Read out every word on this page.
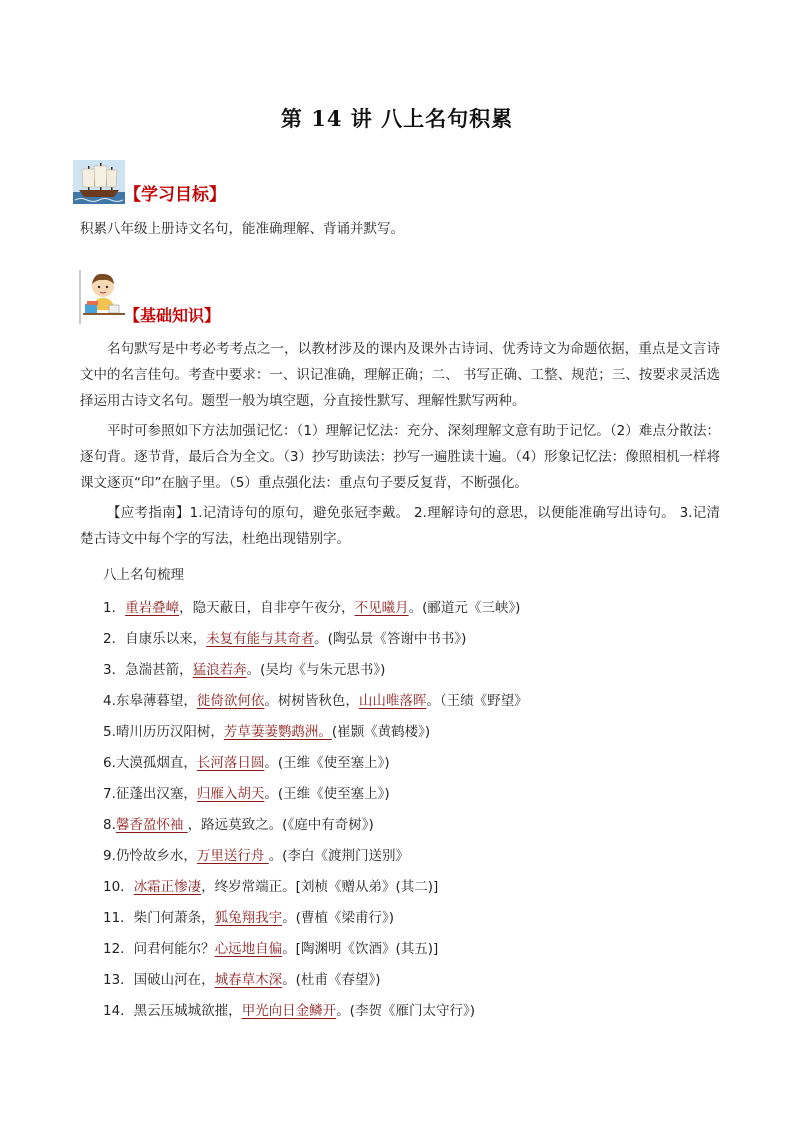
第 14 讲 八上名句积累
【学习目标】
积累八年级上册诗文名句，能准确理解、背诵并默写。
【基础知识】
名句默写是中考必考考点之一，以教材涉及的课内及课外古诗词、优秀诗文为命题依据，重点是文言诗文中的名言佳句。考查中要求：一、识记准确，理解正确；二、 书写正确、工整、规范；三、按要求灵活选择运用古诗文名句。题型一般为填空题，分直接性默写、理解性默写两种。
平时可参照如下方法加强记忆：（1）理解记忆法：充分、深刻理解文意有助于记忆。（2）难点分散法：逐句背。逐节背，最后合为全文。（3）抄写助读法：抄写一遍胜读十遍。（4）形象记忆法：像照相机一样将课文逐页“印”在脑子里。（5）重点强化法：重点句子要反复背，不断强化。
【应考指南】1.记清诗句的原句，避免张冠李戴。 2.理解诗句的意思，以便能准确写出诗句。 3.记清楚古诗文中每个字的写法，杜绝出现错别字。
八上名句梳理
1．重岩叠嶂，隐天蔽日，自非亭午夜分，不见曦月。(郦道元《三峡》)
2．自康乐以来，未复有能与其奇者。(陶弘景《答谢中书书》)
3．急湍甚箭，猛浪若奔。(吴均《与朱元思书》)
4.东皋薄暮望，徙倚欲何依。树树皆秋色，山山唯落晖。（王绩《野望》
5.晴川历历汉阳树，芳草萋萋鹦鹉洲。(崔颢《黄鹤楼》)
6.大漠孤烟直，长河落日圆。(王维《使至塞上》)
7.征蓬出汉塞，归雁入胡天。(王维《使至塞上》)
8.馨香盈怀袖 ，路远莫致之。(《庭中有奇树》)
9.仍怜故乡水，万里送行舟 。(李白《渡荆门送别》
10．冰霜正惨凄，终岁常端正。[刘桢《赠从弟》(其二)]
11．柴门何萧条，狐兔翔我宇。(曹植《梁甫行》)
12．问君何能尔？心远地自偏。[陶渊明《饮酒》(其五)]
13．国破山河在，城春草木深。(杜甫《春望》)
14．黑云压城城欲摧，甲光向日金鳞开。(李贺《雁门太守行》)
